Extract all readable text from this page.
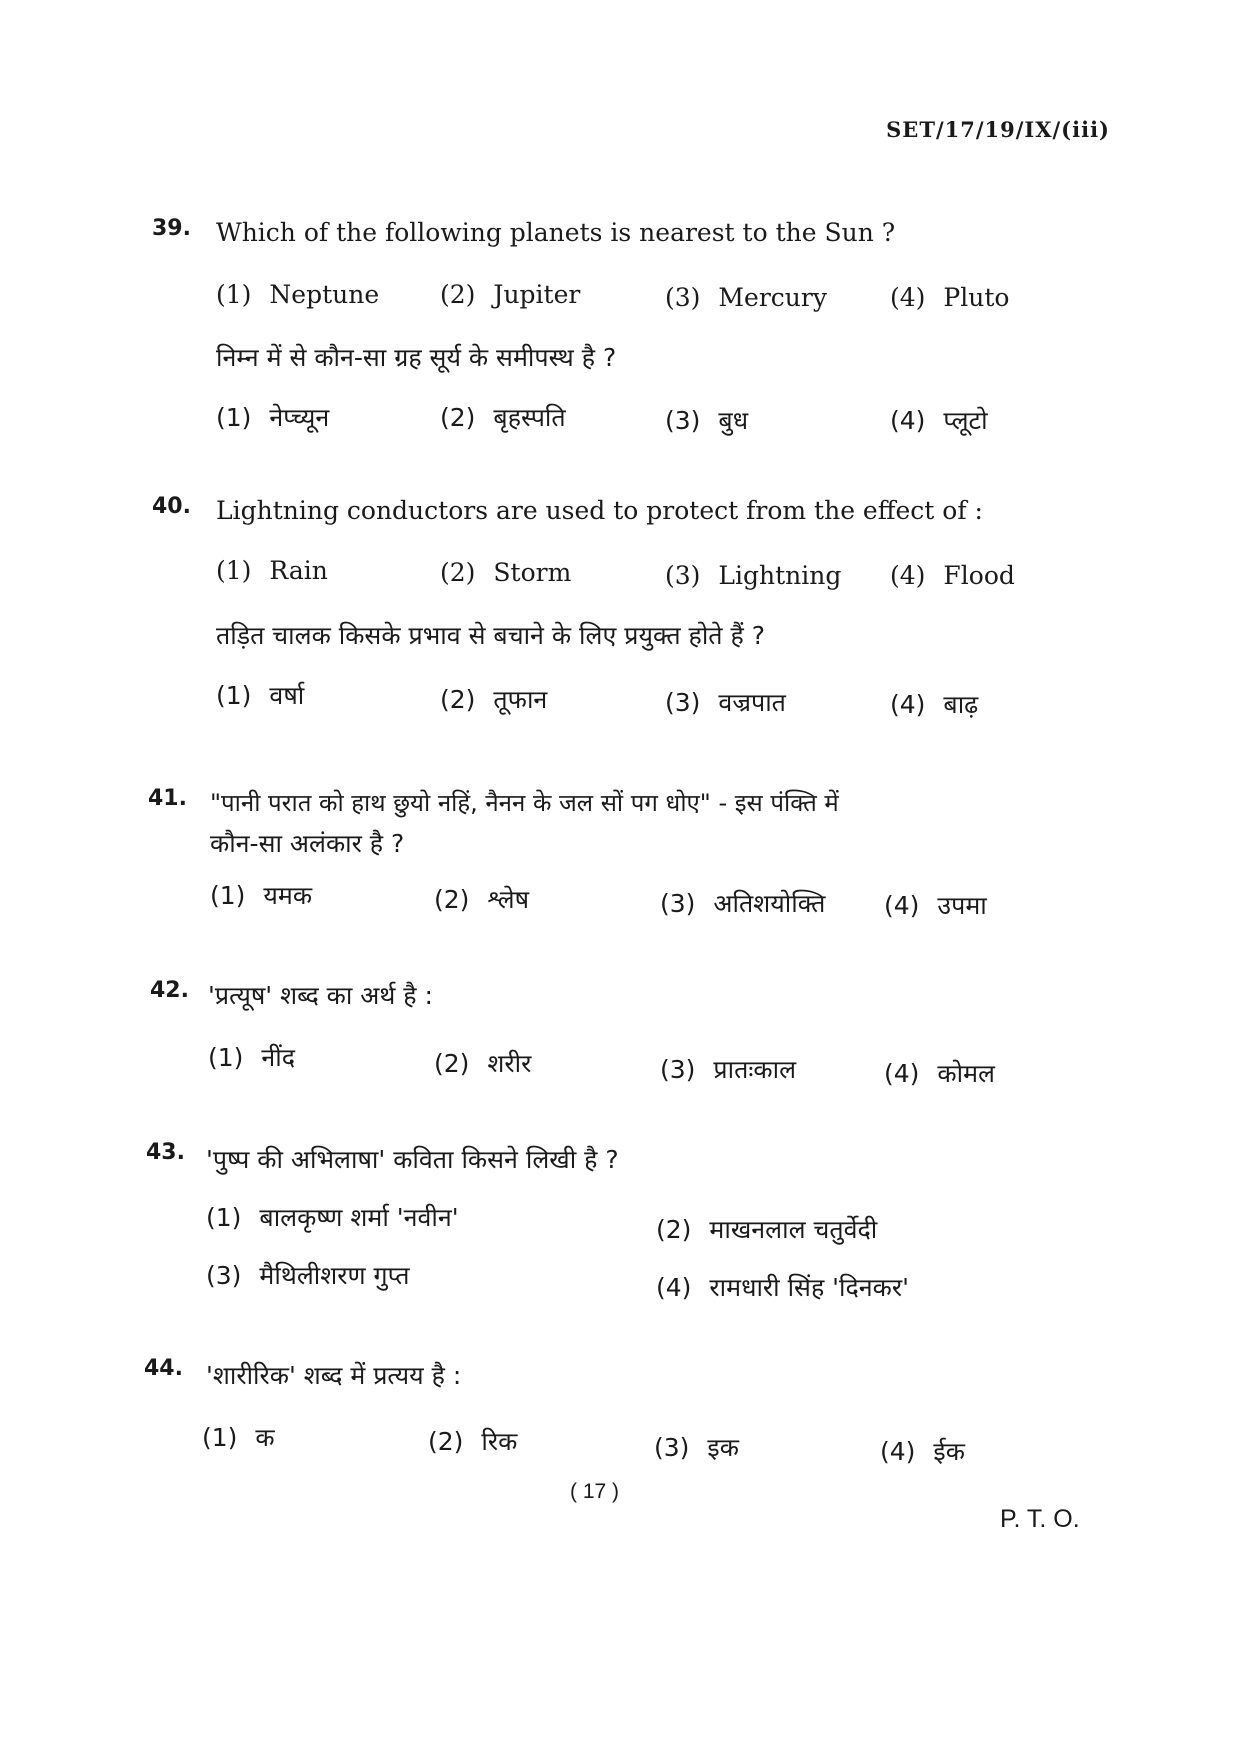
SET/17/19/IX/(iii)
39. Which of the following planets is nearest to the Sun ?
(1) Neptune (2) Jupiter	(3) Mercury	(4) Pluto
निम्न में से कौन-सा ग्रह सूर्य के समीपस्थ है ?
(1) नेप्च्यून	(2) बृहस्पति	(3) बुध	(4) प्लूटो
40. Lightning conductors are used to protect from the effect of :
(1) Rain	(2) Storm	(3) Lightning (4) Flood
तड़ित चालक किसके प्रभाव से बचाने के लिए प्रयुक्त होते हैं ?
(1) वर्षा	(2) तूफान	(3) वज्रपात	(4) बाढ़
41. "पानी परात को हाथ छुयो नहिं, नैनन के जल सों पग धोए" - इस पंक्ति में
कौन-सा अलंकार है ?
(1) यमक	(2) श्लेष	(3) अतिशयोक्ति (4) उपमा
42. 'प्रत्यूष' शब्द का अर्थ है :
(1) नींद	(2) शरीर	(3) प्रातःकाल	(4) कोमल
43. 'पुष्प की अभिलाषा' कविता किसने लिखी है ?
(1) बालकृष्ण शर्मा 'नवीन'	(2) माखनलाल चतुर्वेदी
(3) मैथिलीशरण गुप्त	(4) रामधारी सिंह 'दिनकर'
44. 'शारीरिक' शब्द में प्रत्यय है :
(1) क	(2) रिक	(3) इक	(4) ईक
( 17 )
P. T. O.
